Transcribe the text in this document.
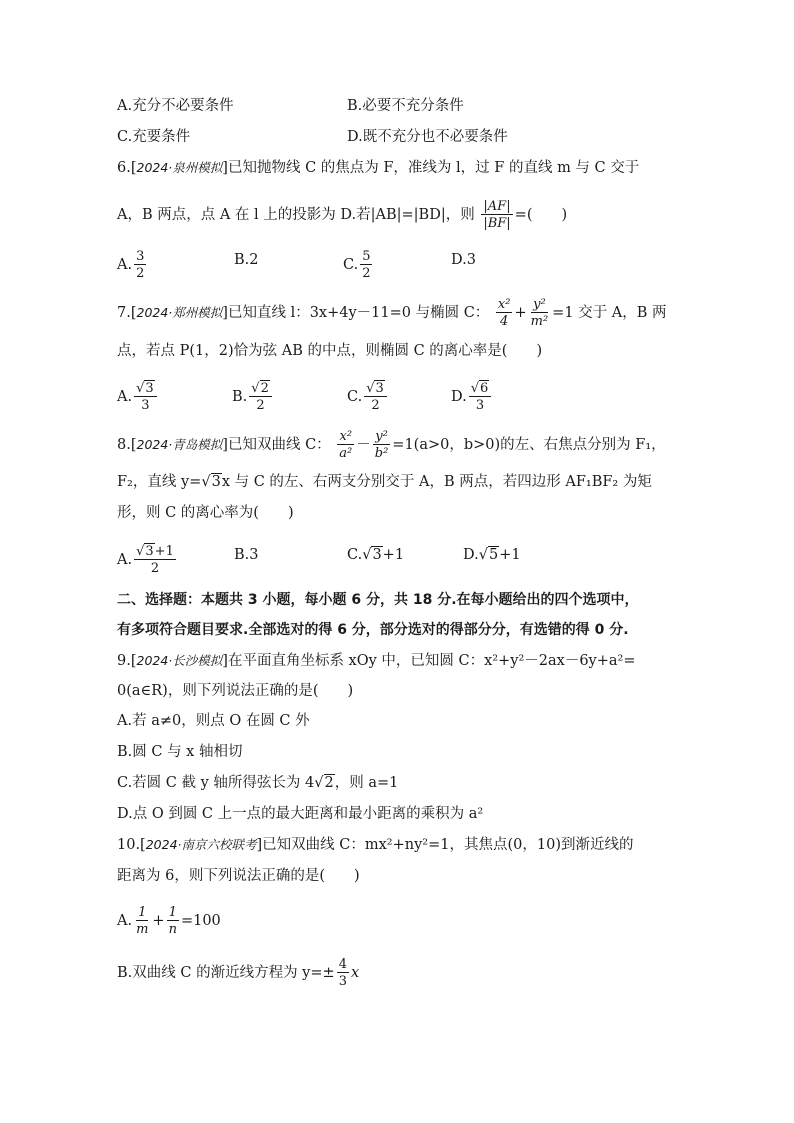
A.充分不必要条件	B.必要不充分条件
C.充要条件	D.既不充分也不必要条件
6.[2024·泉州模拟]已知抛物线 C 的焦点为 F，准线为 l，过 F 的直线 m 与 C 交于
A，B 两点，点 A 在 l 上的投影为 D.若|AB|=|BD|，则 $\frac{|AF|}{|BF|}$ =(　　)
A. $\frac{3}{2}$	B.2	C. $\frac{5}{2}$	D.3
7.[2024·郑州模拟]已知直线 l：3x+4y－11=0 与椭圆 C： $\frac{\text{x²}}{4} + \frac{\text{y²}}{\text{m²}} =1$ 交于 A，B 两
点，若点 P(1，2)恰为弦 AB 的中点，则椭圆 C 的离心率是(　　)
A. $\frac{√3}{3}$	B. $\frac{√2}{2}$	C. $\frac{√3}{2}$	D. $\frac{√6}{3}$
8.[2024·青岛模拟]已知双曲线 C： $\frac{\text{x²}}{\text{a²}} - \frac{\text{y²}}{\text{b²}} =1(a>0$，b>0)的左、右焦点分别为 F₁，
F₂，直线 y=√3x 与 C 的左、右两支分别交于 A，B 两点，若四边形 AF₁BF₂ 为矩
形，则 C 的离心率为(　　)
A. $\frac{√3+1}{2}$	B.3	C.√3+1	D.√5+1
二、选择题：本题共 3 小题，每小题 6 分，共 18 分.在每小题给出的四个选项中，
有多项符合题目要求.全部选对的得 6 分，部分选对的得部分分，有选错的得 0 分.
9.[2024·长沙模拟]在平面直角坐标系 xOy 中，已知圆 C：x²+y²－2ax－6y+a²=
0(a∈R)，则下列说法正确的是(　　)
A.若 a≠0，则点 O 在圆 C 外
B.圆 C 与 x 轴相切
C.若圆 C 截 y 轴所得弦长为 4√2，则 a=1
D.点 O 到圆 C 上一点的最大距离和最小距离的乘积为 a²
10.[2024·南京六校联考]已知双曲线 C：mx²+ny²=1，其焦点(0，10)到渐近线的
距离为 6，则下列说法正确的是(　　)
A. $\frac{1}{m} + \frac{1}{n} =100$
B.双曲线 C 的渐近线方程为 $y=\pm \frac{4}{3}$ x
